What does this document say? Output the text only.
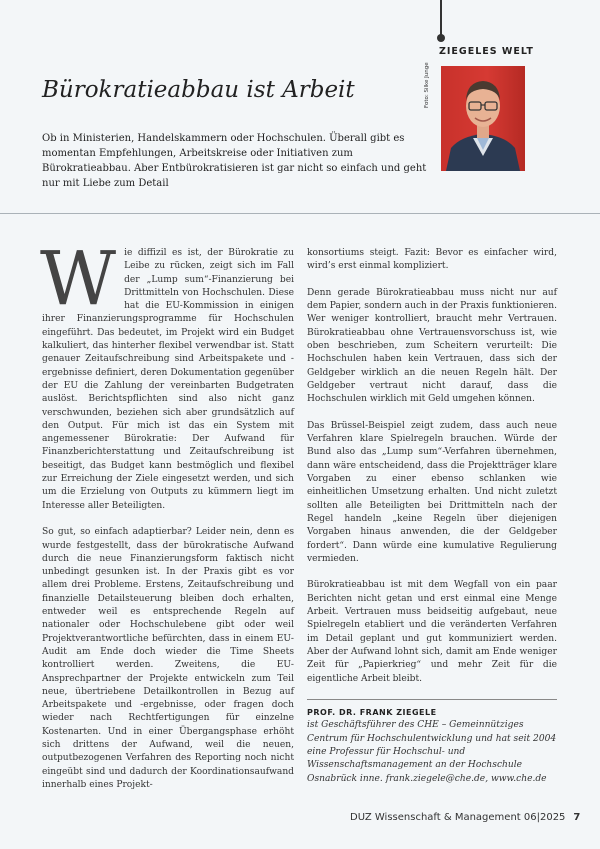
ZIEGELES WELT
Foto: Silke Junge
Bürokratieabbau ist Arbeit

Ob in Ministerien, Handelskammern oder Hochschulen. Überall gibt es momentan Empfehlungen, Arbeitskreise oder Initiativen zum Bürokratieabbau. Aber Entbürokratisieren ist gar nicht so einfach und geht nur mit Liebe zum Detail

W ie diffizil es ist, der Bürokratie zu Leibe zu rücken, zeigt sich im Fall der „Lump sum“-Finanzierung bei Drittmitteln von Hochschulen. Diese hat die EU-Kommission in einigen ihrer Finanzierungsprogramme für Hochschulen eingeführt. Das bedeutet, im Projekt wird ein Budget kalkuliert, das hinterher flexibel verwendbar ist. Statt genauer Zeitaufschreibung sind Arbeitspakete und -ergebnisse definiert, deren Dokumentation gegenüber der EU die Zahlung der vereinbarten Budgetraten auslöst. Berichtspflichten sind also nicht ganz verschwunden, beziehen sich aber grundsätzlich auf den Output. Für mich ist das ein System mit angemessener Bürokratie: Der Aufwand für Finanzberichterstattung und Zeitaufschreibung ist beseitigt, das Budget kann bestmöglich und flexibel zur Erreichung der Ziele eingesetzt werden, und sich um die Erzielung von Outputs zu kümmern liegt im Interesse aller Beteiligten.

So gut, so einfach adaptierbar? Leider nein, denn es wurde festgestellt, dass der bürokratische Aufwand durch die neue Finanzierungsform faktisch nicht unbedingt gesunken ist. In der Praxis gibt es vor allem drei Probleme. Erstens, Zeitaufschreibung und finanzielle Detailsteuerung bleiben doch erhalten, entweder weil es entsprechende Regeln auf nationaler oder Hochschulebene gibt oder weil Projektverantwortliche befürchten, dass in einem EU-Audit am Ende doch wieder die Time Sheets kontrolliert werden. Zweitens, die EU-Ansprechpartner der Projekte entwickeln zum Teil neue, übertriebene Detailkontrollen in Bezug auf Arbeitspakete und -ergebnisse, oder fragen doch wieder nach Rechtfertigungen für einzelne Kostenarten. Und in einer Übergangsphase erhöht sich drittens der Aufwand, weil die neuen, outputbezogenen Verfahren des Reporting noch nicht eingeübt sind und dadurch der Koordinationsaufwand innerhalb eines Projekt-

konsortiums steigt. Fazit: Bevor es einfacher wird, wird’s erst einmal kompliziert.

Denn gerade Bürokratieabbau muss nicht nur auf dem Papier, sondern auch in der Praxis funktionieren. Wer weniger kontrolliert, braucht mehr Vertrauen. Bürokratieabbau ohne Vertrauensvorschuss ist, wie oben beschrieben, zum Scheitern verurteilt: Die Hochschulen haben kein Vertrauen, dass sich der Geldgeber wirklich an die neuen Regeln hält. Der Geldgeber vertraut nicht darauf, dass die Hochschulen wirklich mit Geld umgehen können.

Das Brüssel-Beispiel zeigt zudem, dass auch neue Verfahren klare Spielregeln brauchen. Würde der Bund also das „Lump sum“-Verfahren übernehmen, dann wäre entscheidend, dass die Projektträger klare Vorgaben zu einer ebenso schlanken wie einheitlichen Umsetzung erhalten. Und nicht zuletzt sollten alle Beteiligten bei Drittmitteln nach der Regel handeln „keine Regeln über diejenigen Vorgaben hinaus anwenden, die der Geldgeber fordert“. Dann würde eine kumulative Regulierung vermieden.

Bürokratieabbau ist mit dem Wegfall von ein paar Berichten nicht getan und erst einmal eine Menge Arbeit. Vertrauen muss beidseitig aufgebaut, neue Spielregeln etabliert und die veränderten Verfahren im Detail geplant und gut kommuniziert werden. Aber der Aufwand lohnt sich, damit am Ende weniger Zeit für „Papierkrieg“ und mehr Zeit für die eigentliche Arbeit bleibt.

PROF. DR. FRANK ZIEGELE
ist Geschäftsführer des CHE – Gemeinnütziges Centrum für Hochschulentwicklung und hat seit 2004 eine Professur für Hochschul- und Wissenschaftsmanagement an der Hochschule Osnabrück inne. frank.ziegele@che.de, www.che.de
DUZ Wissenschaft & Management 06|2025 7
